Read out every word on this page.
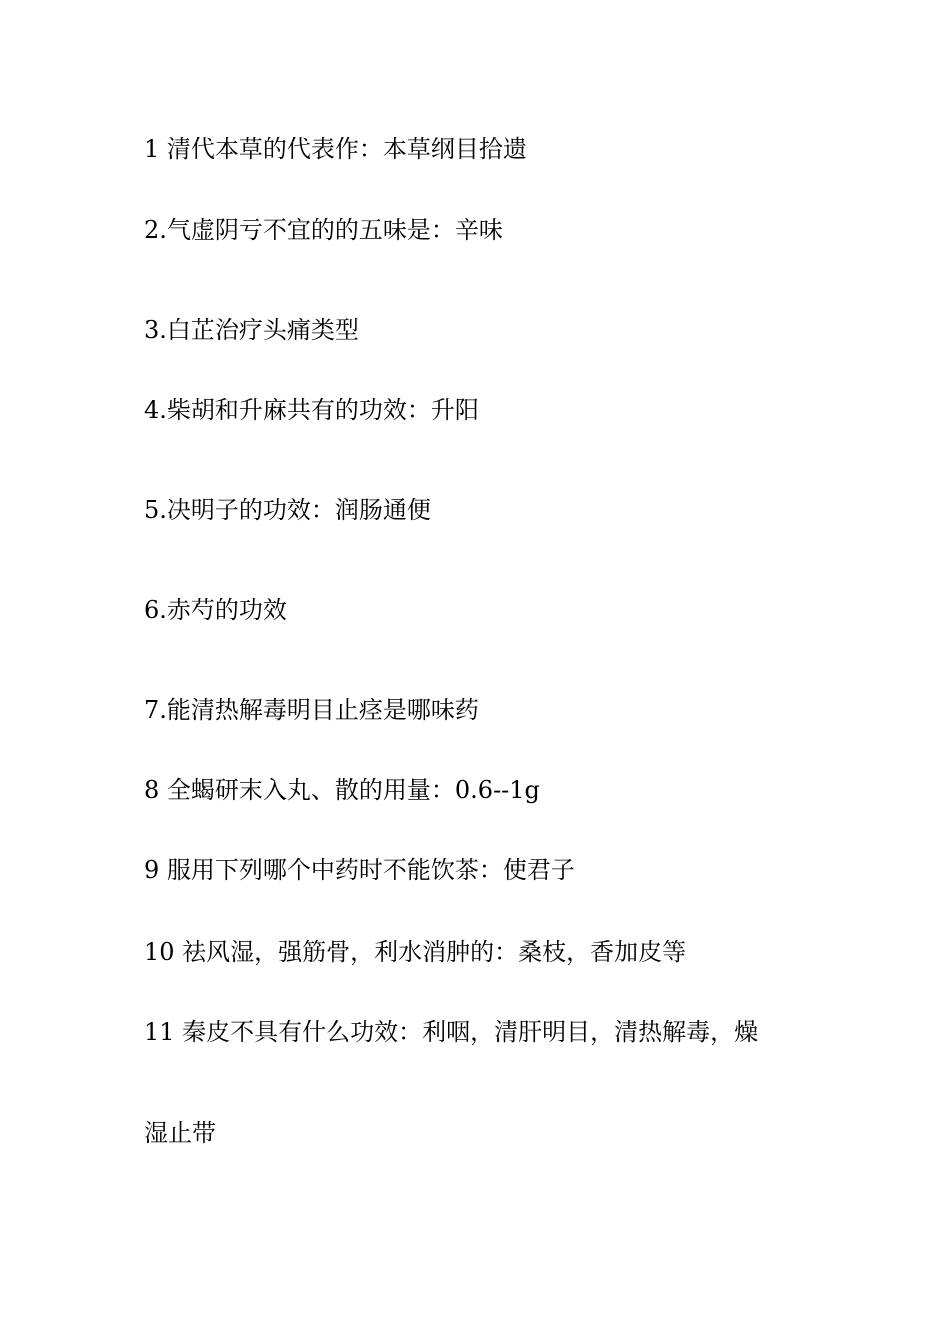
1 清代本草的代表作：本草纲目拾遗
2.气虚阴亏不宜的的五味是：辛味
3.白芷治疗头痛类型
4.柴胡和升麻共有的功效：升阳
5.决明子的功效：润肠通便
6.赤芍的功效
7.能清热解毒明目止痉是哪味药
8 全蝎研末入丸、散的用量：0.6--1g
9 服用下列哪个中药时不能饮茶：使君子
10 祛风湿，强筋骨，利水消肿的：桑枝，香加皮等
11 秦皮不具有什么功效：利咽，清肝明目，清热解毒，燥
湿止带
